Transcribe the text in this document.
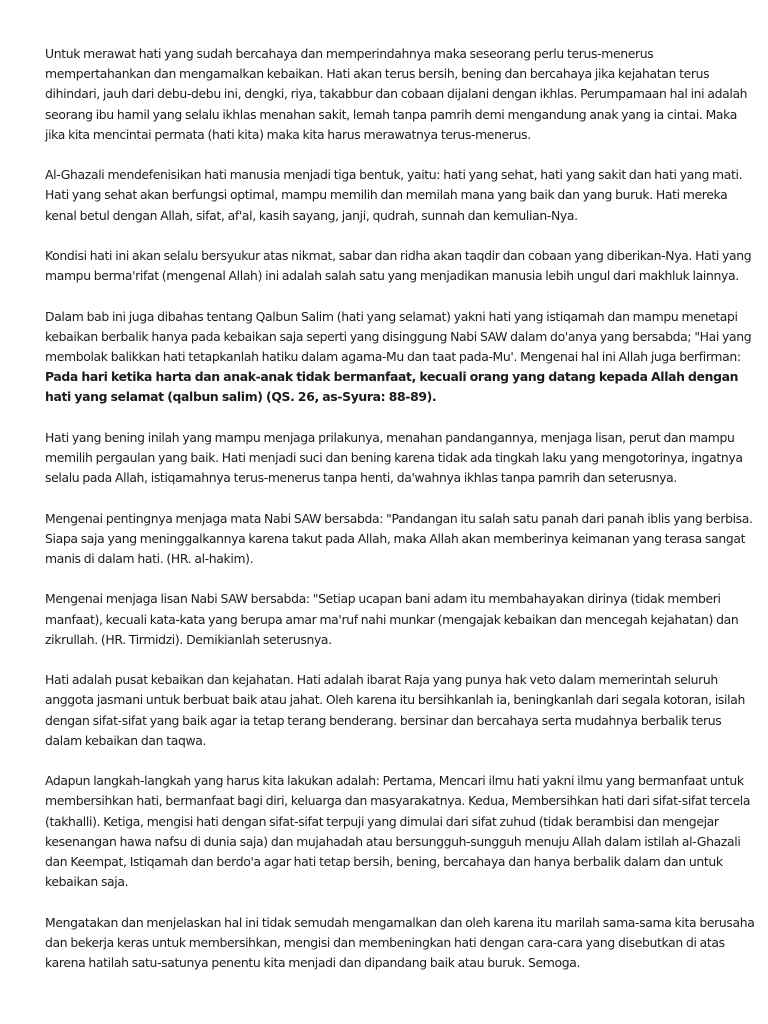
Untuk merawat hati yang sudah bercahaya dan memperindahnya maka seseorang perlu terus-menerus mempertahankan dan mengamalkan kebaikan. Hati akan terus bersih, bening dan bercahaya jika kejahatan terus dihindari, jauh dari debu-debu ini, dengki, riya, takabbur dan cobaan dijalani dengan ikhlas. Perumpamaan hal ini adalah seorang ibu hamil yang selalu ikhlas menahan sakit, lemah tanpa pamrih demi mengandung anak yang ia cintai. Maka jika kita mencintai permata (hati kita) maka kita harus merawatnya terus-menerus.

Al-Ghazali mendefenisikan hati manusia menjadi tiga bentuk, yaitu: hati yang sehat, hati yang sakit dan hati yang mati. Hati yang sehat akan berfungsi optimal, mampu memilih dan memilah mana yang baik dan yang buruk. Hati mereka kenal betul dengan Allah, sifat, af'al, kasih sayang, janji, qudrah, sunnah dan kemulian-Nya.

Kondisi hati ini akan selalu bersyukur atas nikmat, sabar dan ridha akan taqdir dan cobaan yang diberikan-Nya. Hati yang mampu berma'rifat (mengenal Allah) ini adalah salah satu yang menjadikan manusia lebih ungul dari makhluk lainnya.

Dalam bab ini juga dibahas tentang Qalbun Salim (hati yang selamat) yakni hati yang istiqamah dan mampu menetapi kebaikan berbalik hanya pada kebaikan saja seperti yang disinggung Nabi SAW dalam do'anya yang bersabda; "Hai yang membolak balikkan hati tetapkanlah hatiku dalam agama-Mu dan taat pada-Mu'. Mengenai hal ini Allah juga berfirman: Pada hari ketika harta dan anak-anak tidak bermanfaat, kecuali orang yang datang kepada Allah dengan hati yang selamat (qalbun salim) (QS. 26, as-Syura: 88-89).

Hati yang bening inilah yang mampu menjaga prilakunya, menahan pandangannya, menjaga lisan, perut dan mampu memilih pergaulan yang baik. Hati menjadi suci dan bening karena tidak ada tingkah laku yang mengotorinya, ingatnya selalu pada Allah, istiqamahnya terus-menerus tanpa henti, da'wahnya ikhlas tanpa pamrih dan seterusnya.

Mengenai pentingnya menjaga mata Nabi SAW bersabda: "Pandangan itu salah satu panah dari panah iblis yang berbisa. Siapa saja yang meninggalkannya karena takut pada Allah, maka Allah akan memberinya keimanan yang terasa sangat manis di dalam hati. (HR. al-hakim).

Mengenai menjaga lisan Nabi SAW bersabda: "Setiap ucapan bani adam itu membahayakan dirinya (tidak memberi manfaat), kecuali kata-kata yang berupa amar ma'ruf nahi munkar (mengajak kebaikan dan mencegah kejahatan) dan zikrullah. (HR. Tirmidzi). Demikianlah seterusnya.

Hati adalah pusat kebaikan dan kejahatan. Hati adalah ibarat Raja yang punya hak veto dalam memerintah seluruh anggota jasmani untuk berbuat baik atau jahat. Oleh karena itu bersihkanlah ia, beningkanlah dari segala kotoran, isilah dengan sifat-sifat yang baik agar ia tetap terang benderang. bersinar dan bercahaya serta mudahnya berbalik terus dalam kebaikan dan taqwa.

Adapun langkah-langkah yang harus kita lakukan adalah: Pertama, Mencari ilmu hati yakni ilmu yang bermanfaat untuk membersihkan hati, bermanfaat bagi diri, keluarga dan masyarakatnya. Kedua, Membersihkan hati dari sifat-sifat tercela (takhalli). Ketiga, mengisi hati dengan sifat-sifat terpuji yang dimulai dari sifat zuhud (tidak berambisi dan mengejar kesenangan hawa nafsu di dunia saja) dan mujahadah atau bersungguh-sungguh menuju Allah dalam istilah al-Ghazali dan Keempat, Istiqamah dan berdo'a agar hati tetap bersih, bening, bercahaya dan hanya berbalik dalam dan untuk kebaikan saja.

Mengatakan dan menjelaskan hal ini tidak semudah mengamalkan dan oleh karena itu marilah sama-sama kita berusaha dan bekerja keras untuk membersihkan, mengisi dan membeningkan hati dengan cara-cara yang disebutkan di atas karena hatilah satu-satunya penentu kita menjadi dan dipandang baik atau buruk. Semoga.
